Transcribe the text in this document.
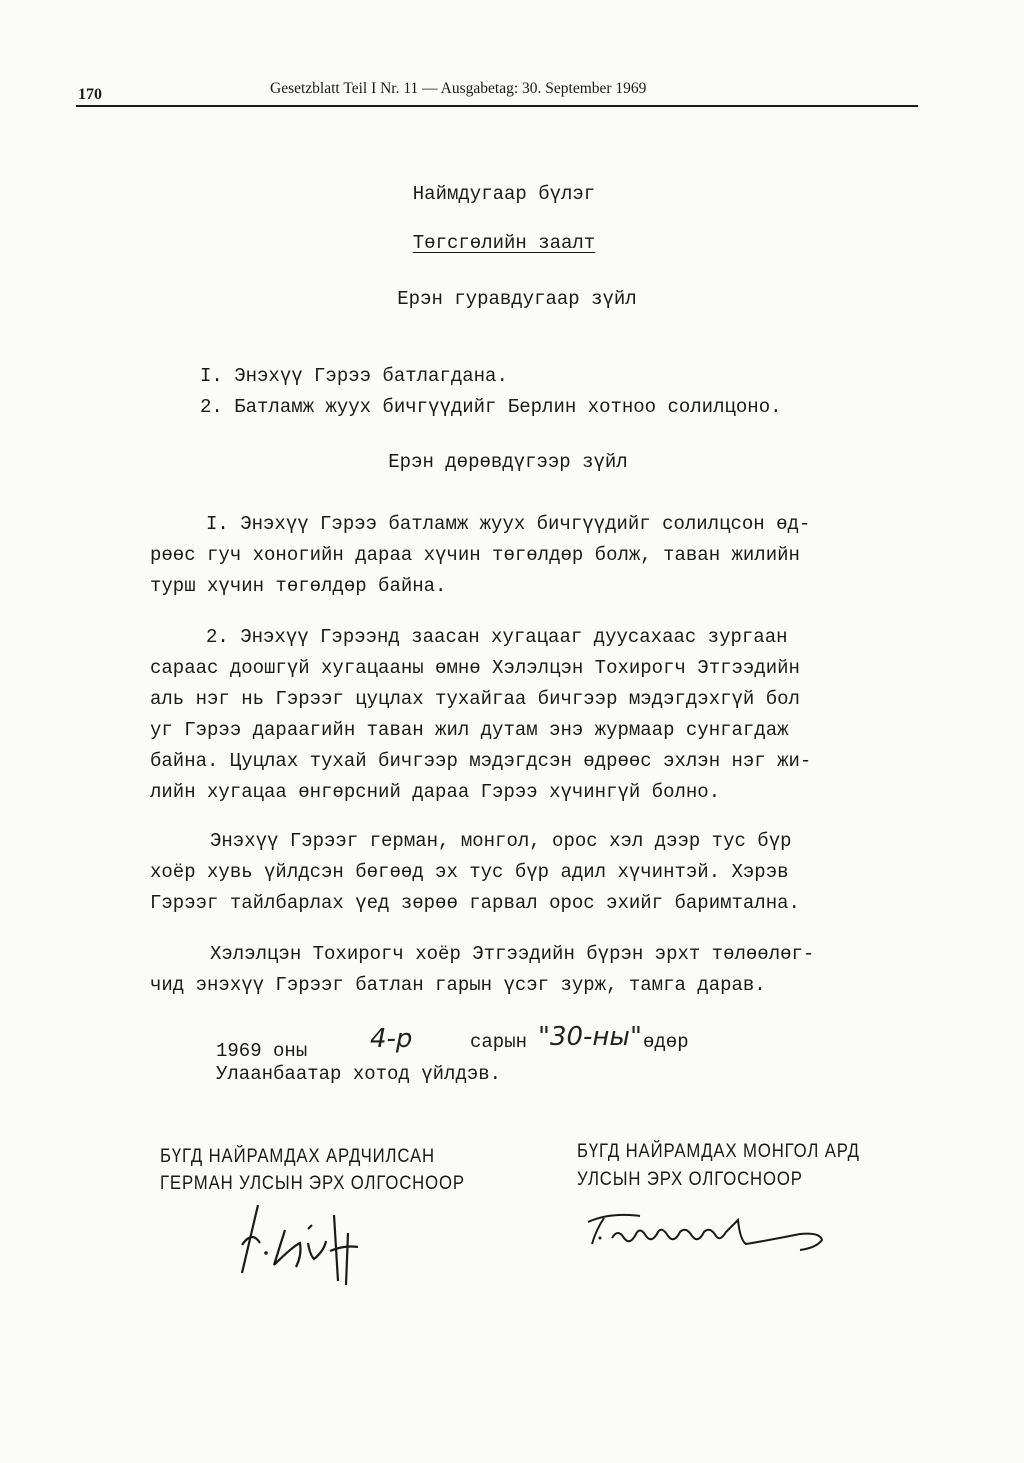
170	Gesetzblatt Teil I Nr. 11 — Ausgabetag: 30. September 1969
Наймдугаар бүлэг
Төгсгөлийн заалт
Ерэн гуравдугаар зүйл
I. Энэхүү Гэрээ батлагдана.
2. Батламж жуух бичгүүдийг Берлин хотноо солилцоно.
Ерэн дөрөвдүгээр зүйл
I. Энэхүү Гэрээ батламж жуух бичгүүдийг солилцсон өд-
рөөс гуч хоногийн дараа хүчин төгөлдөр болж, таван жилийн
турш хүчин төгөлдөр байна.
2. Энэхүү Гэрээнд заасан хугацааг дуусахаас зургаан
сараас доошгүй хугацааны өмнө Хэлэлцэн Тохирогч Этгээдийн
аль нэг нь Гэрээг цуцлах тухайгаа бичгээр мэдэгдэхгүй бол
уг Гэрээ дараагийн таван жил дутам энэ журмаар сунгагдаж
байна. Цуцлах тухай бичгээр мэдэгдсэн өдрөөс эхлэн нэг жи-
лийн хугацаа өнгөрсний дараа Гэрээ хүчингүй болно.
Энэхүү Гэрээг герман, монгол, орос хэл дээр тус бүр
хоёр хувь үйлдсэн бөгөөд эх тус бүр адил хүчинтэй. Хэрэв
Гэрээг тайлбарлах үед зөрөө гарвал орос эхийг баримтална.
Хэлэлцэн Тохирогч хоёр Этгээдийн бүрэн эрхт төлөөлөг-
чид энэхүү Гэрээг батлан гарын үсэг зурж, тамга дарав.
1969 оны 4-р	сарын "30-ны" өдөр
Улаанбаатар хотод үйлдэв.
БҮГД НАЙРАМДАХ АРДЧИЛСАН
ГЕРМАН УЛСЫН ЭРХ ОЛГОСНООР
БҮГД НАЙРАМДАХ МОНГОЛ АРД
УЛСЫН ЭРХ ОЛГОСНООР
